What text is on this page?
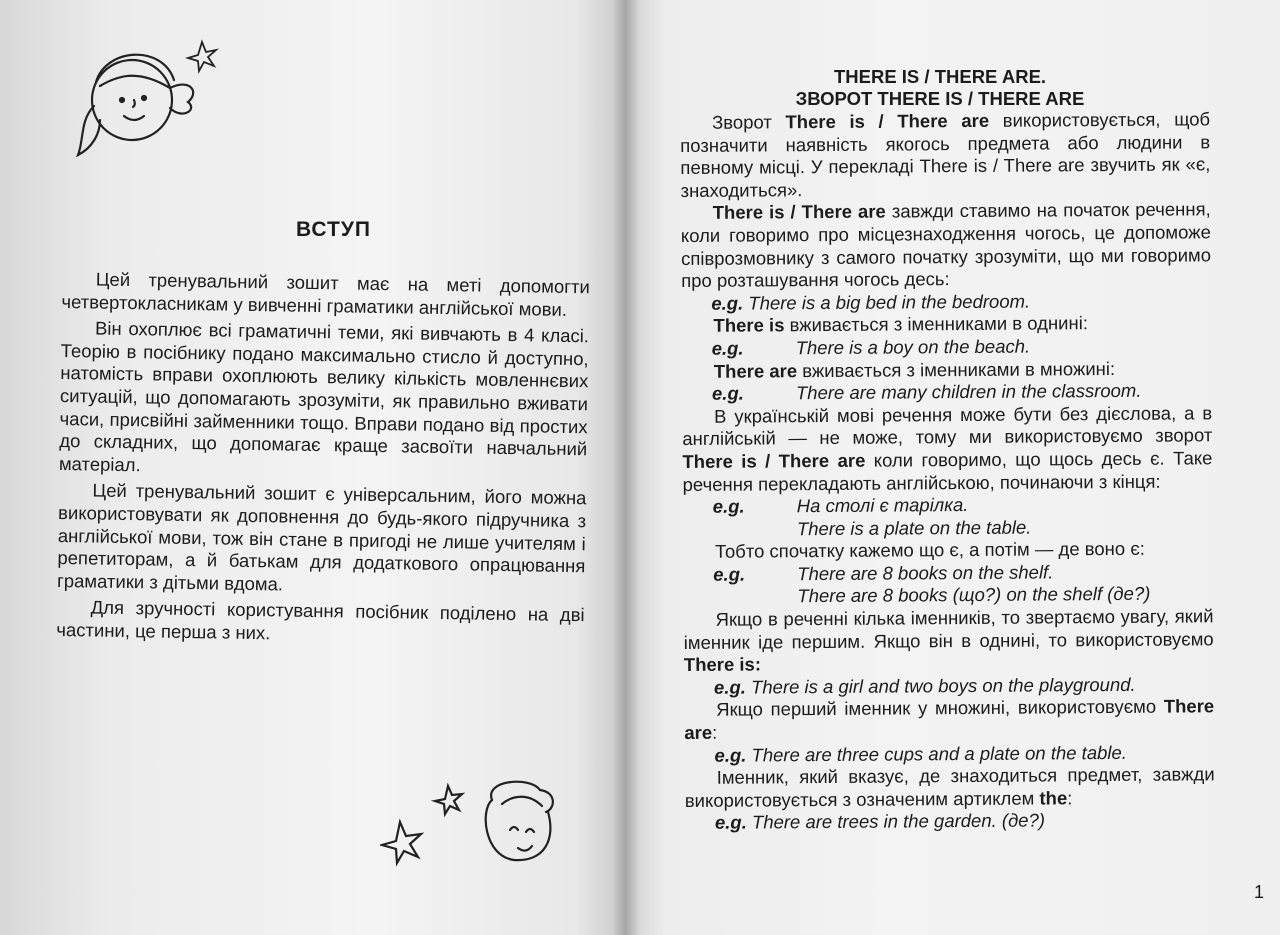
ВСТУП

Цей тренувальний зошит має на меті допомогти четвертокласникам у вивченні граматики англійської мови.

Він охоплює всі граматичні теми, які вивчають в 4 класі. Теорію в посібнику подано максимально стисло й доступно, натомість вправи охоплюють велику кількість мовленнєвих ситуацій, що допомагають зрозуміти, як правильно вживати часи, присвійні займенники тощо. Вправи подано від простих до складних, що допомагає краще засвоїти навчальний матеріал.

Цей тренувальний зошит є універсальним, його можна використовувати як доповнення до будь-якого підручника з англійської мови, тож він стане в пригоді не лише учителям і репетиторам, а й батькам для додаткового опрацювання граматики з дітьми вдома.

Для зручності користування посібник поділено на дві частини, це перша з них.

THERE IS / THERE ARE.
ЗВОРОТ THERE IS / THERE ARE

Зворот There is / There are використовується, щоб позначити наявність якогось предмета або людини в певному місці. У перекладі There is / There are звучить як «є, знаходиться».

There is / There are завжди ставимо на початок речення, коли говоримо про місцезнаходження чогось, це допоможе співрозмовнику з самого початку зрозуміти, що ми говоримо про розташування чогось десь:

e.g. There is a big bed in the bedroom.

There is вживається з іменниками в однині:

e.g.	There is a boy on the beach.

There are вживається з іменниками в множині:

e.g.	There are many children in the classroom.

В українській мові речення може бути без дієслова, а в англійській — не може, тому ми використовуємо зворот There is / There are коли говоримо, що щось десь є. Таке речення перекладають англійською, починаючи з кінця:

e.g.	На столі є тарілка.

There is a plate on the table.

Тобто спочатку кажемо що є, а потім — де воно є:

e.g.	There are 8 books on the shelf.

There are 8 books (що?) on the shelf (де?)

Якщо в реченні кілька іменників, то звертаємо увагу, який іменник іде першим. Якщо він в однині, то використовуємо There is:

e.g. There is a girl and two boys on the playground.

Якщо перший іменник у множині, використовуємо There are:

e.g. There are three cups and a plate on the table.

Іменник, який вказує, де знаходиться предмет, завжди використовується з означеним артиклем the:

e.g. There are trees in the garden. (де?)

1
